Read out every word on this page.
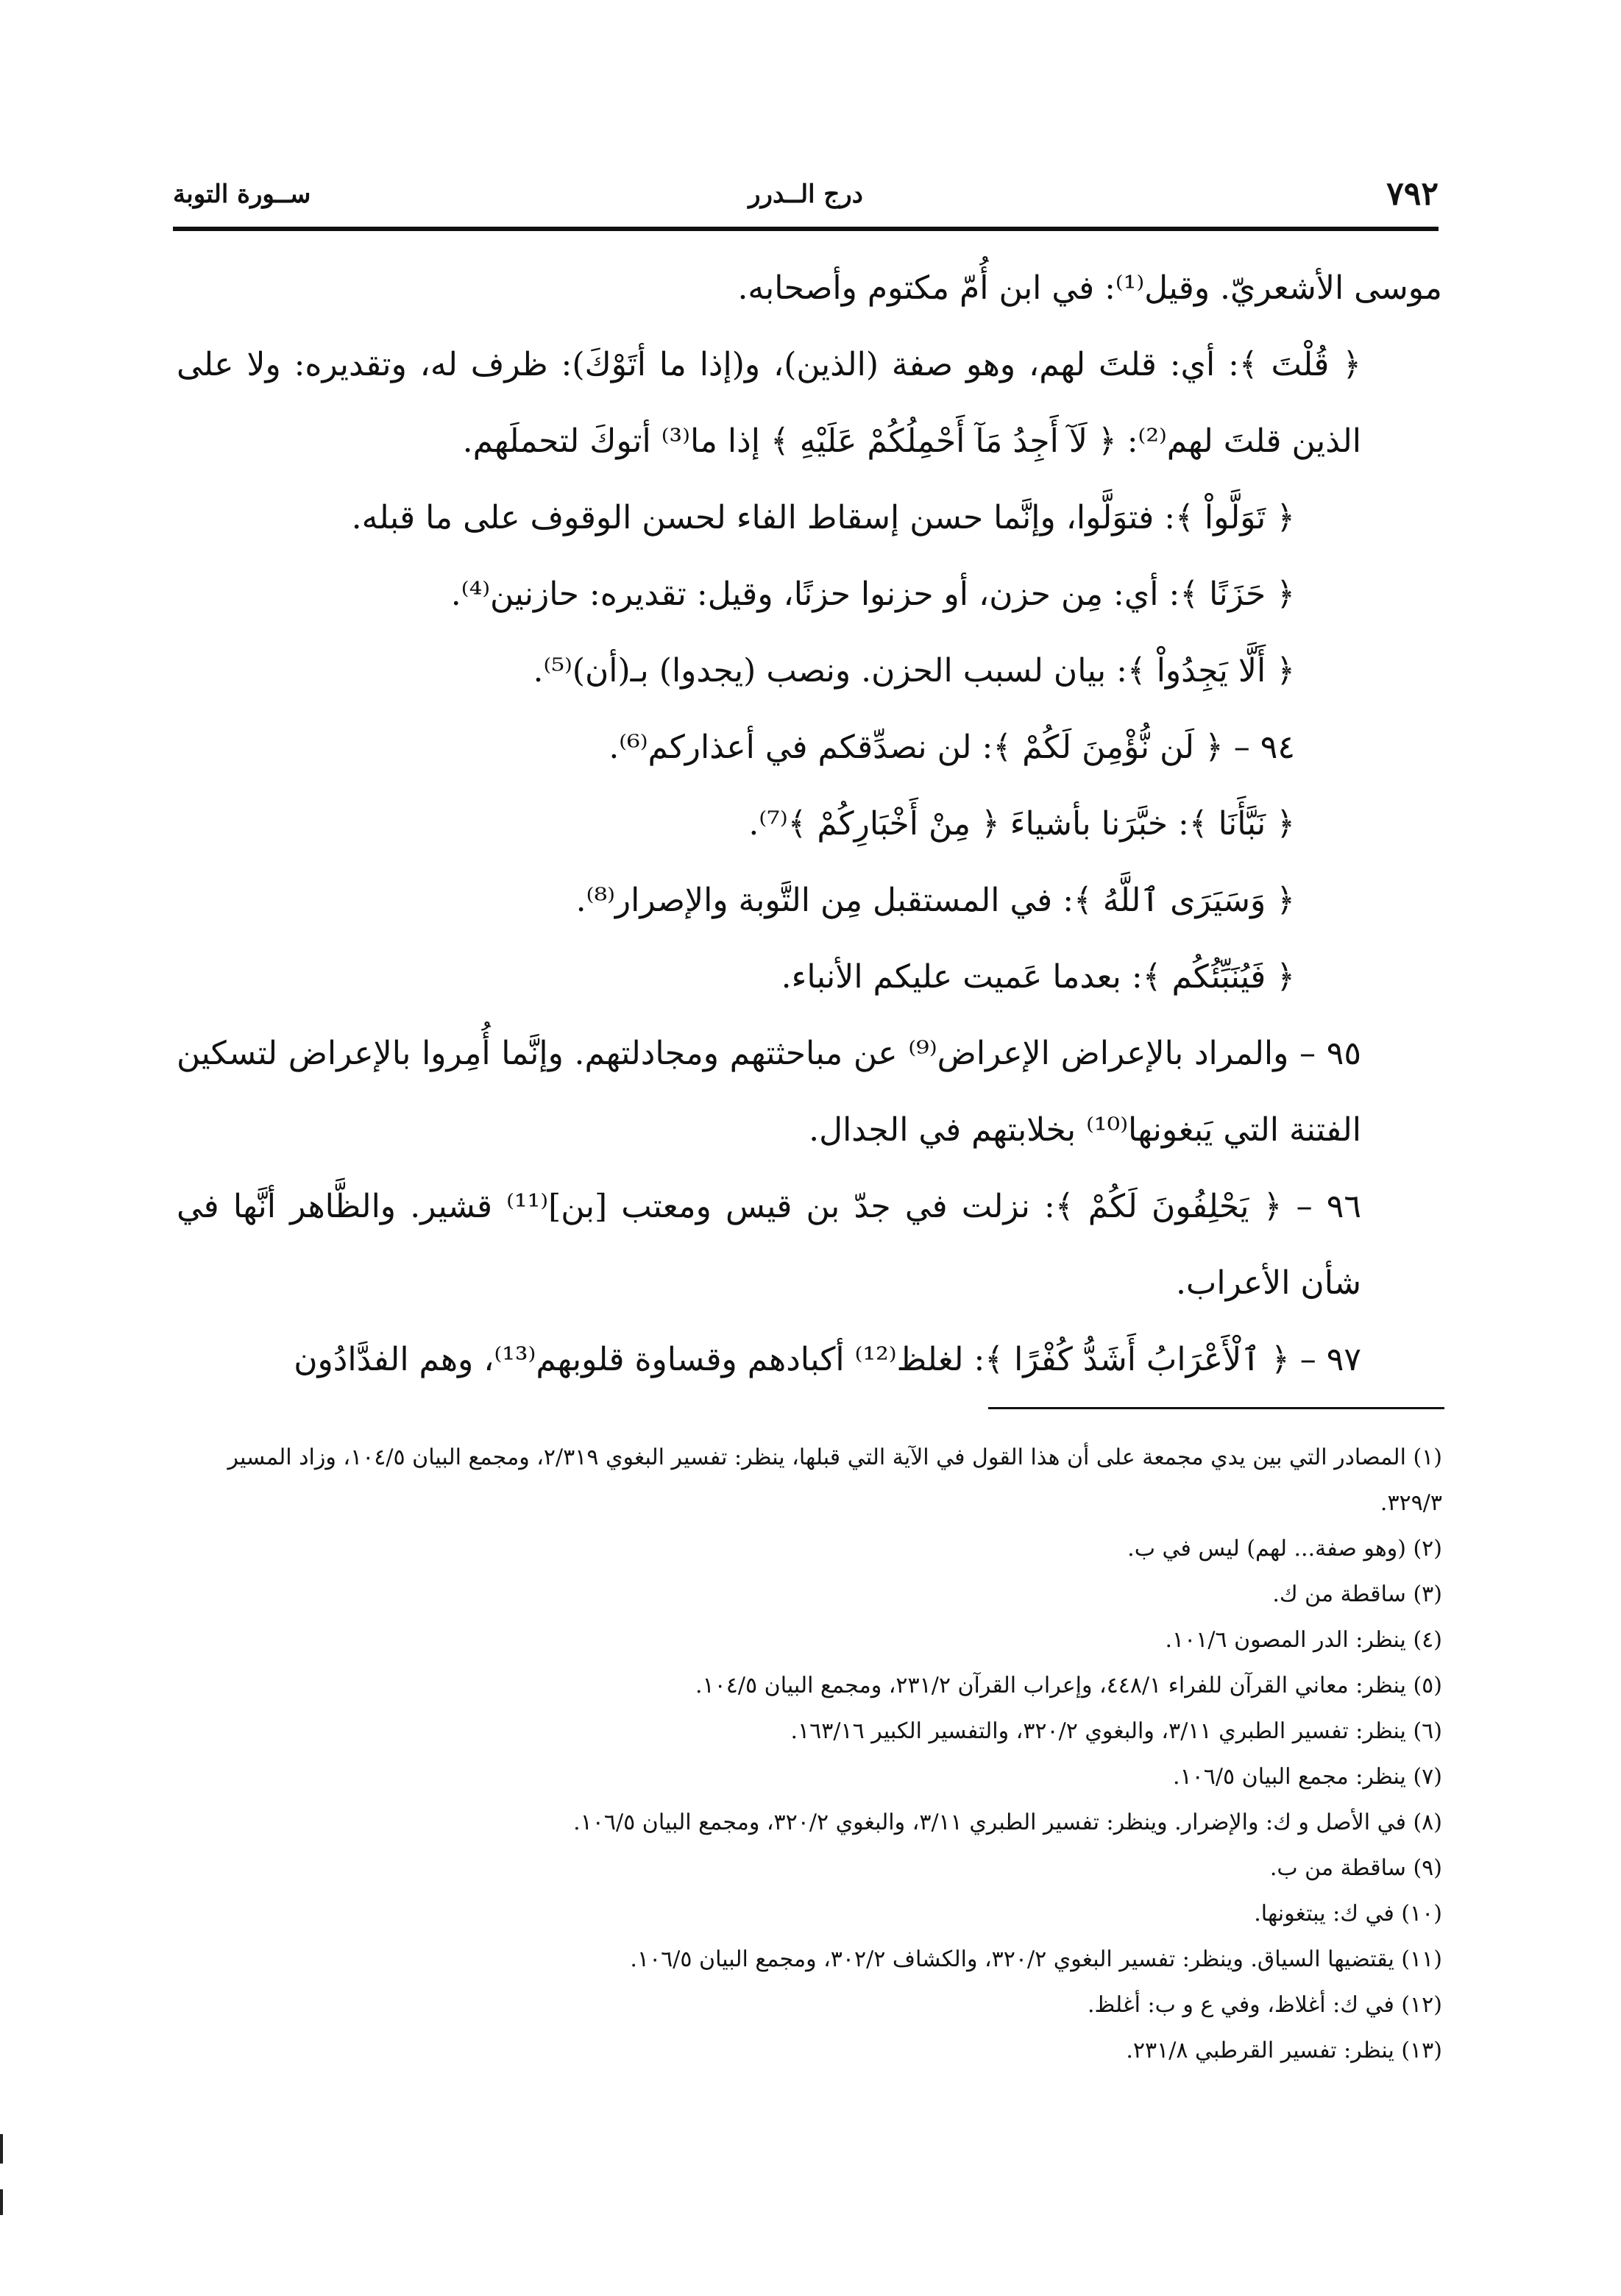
٧٩٢
درج الــدرر
ســورة التوبة

موسى الأشعريّ. وقيل⁽¹⁾: في ابن أُمّ مكتوم وأصحابه.

﴿ قُلْتَ ﴾: أي: قلتَ لهم، وهو صفة (الذين)، و(إذا ما أتَوْكَ): ظرف له، وتقديره: ولا على الذين قلتَ لهم⁽²⁾: ﴿ لَآ أَجِدُ مَآ أَحْمِلُكُمْ عَلَيْهِ ﴾ إذا ما⁽³⁾ أتوكَ لتحملَهم.

﴿ تَوَلَّواْ ﴾: فتوَلَّوا، وإنَّما حسن إسقاط الفاء لحسن الوقوف على ما قبله.

﴿ حَزَنًا ﴾: أي: مِن حزن، أو حزنوا حزنًا، وقيل: تقديره: حازنين⁽⁴⁾.

﴿ أَلَّا يَجِدُواْ ﴾: بيان لسبب الحزن. ونصب (يجدوا) بـ(أن)⁽⁵⁾.

٩٤ – ﴿ لَن نُّؤْمِنَ لَكُمْ ﴾: لن نصدِّقكم في أعذاركم⁽⁶⁾.

﴿ نَبَّأَنَا ﴾: خبَّرَنا بأشياءَ ﴿ مِنْ أَخْبَارِكُمْ ﴾⁽⁷⁾.

﴿ وَسَيَرَى ٱللَّهُ ﴾: في المستقبل مِن التَّوبة والإصرار⁽⁸⁾.

﴿ فَيُنَبِّئُكُم ﴾: بعدما عَميت عليكم الأنباء.

٩٥ – والمراد بالإعراض الإعراض⁽⁹⁾ عن مباحثتهم ومجادلتهم. وإنَّما أُمِروا بالإعراض لتسكين الفتنة التي يَبغونها⁽¹⁰⁾ بخلابتهم في الجدال.

٩٦ – ﴿ يَحْلِفُونَ لَكُمْ ﴾: نزلت في جدّ بن قيس ومعتب [بن]⁽¹¹⁾ قشير. والظَّاهر أنَّها في شأن الأعراب.

٩٧ – ﴿ ٱلْأَعْرَابُ أَشَدُّ كُفْرًا ﴾: لغلظ⁽¹²⁾ أكبادهم وقساوة قلوبهم⁽¹³⁾، وهم الفدَّادُون

(١) المصادر التي بين يدي مجمعة على أن هذا القول في الآية التي قبلها، ينظر: تفسير البغوي ٢/٣١٩، ومجمع البيان ١٠٤/٥، وزاد المسير ٣٢٩/٣.

(٢) (وهو صفة... لهم) ليس في ب.

(٣) ساقطة من ك.

(٤) ينظر: الدر المصون ١٠١/٦.

(٥) ينظر: معاني القرآن للفراء ٤٤٨/١، وإعراب القرآن ٢٣١/٢، ومجمع البيان ١٠٤/٥.

(٦) ينظر: تفسير الطبري ٣/١١، والبغوي ٣٢٠/٢، والتفسير الكبير ١٦٣/١٦.

(٧) ينظر: مجمع البيان ١٠٦/٥.

(٨) في الأصل و ك: والإضرار. وينظر: تفسير الطبري ٣/١١، والبغوي ٣٢٠/٢، ومجمع البيان ١٠٦/٥.

(٩) ساقطة من ب.

(١٠) في ك: يبتغونها.

(١١) يقتضيها السياق. وينظر: تفسير البغوي ٣٢٠/٢، والكشاف ٣٠٢/٢، ومجمع البيان ١٠٦/٥.

(١٢) في ك: أغلاظ، وفي ع و ب: أغلظ.

(١٣) ينظر: تفسير القرطبي ٢٣١/٨.
